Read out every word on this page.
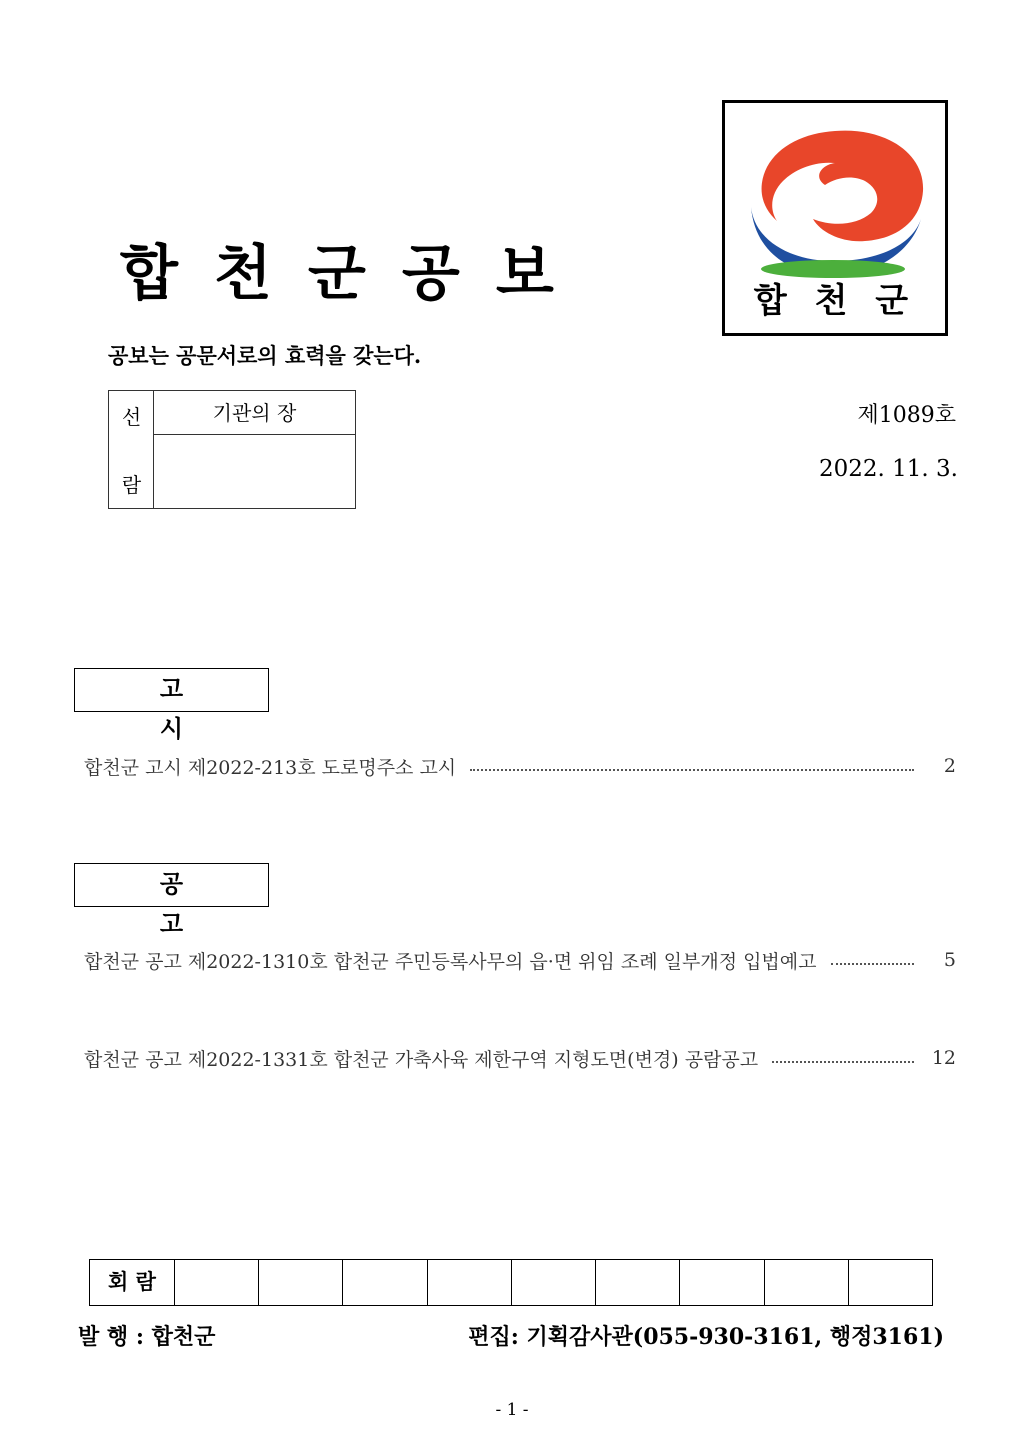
합천군공보
공보는 공문서로의 효력을 갖는다.
합 천 군
선
람
기관의 장	제1089호
2022. 11. 3.
고 시
합천군 고시 제2022-213호 도로명주소 고시	2
공 고
합천군 공고 제2022-1310호 합천군 주민등록사무의 읍·면 위임 조례 일부개정 입법예고	5
합천군 공고 제2022-1331호 합천군 가축사육 제한구역 지형도면(변경) 공람공고	12
회 람
발 행 : 합천군	편집: 기획감사관(055-930-3161, 행정3161)
- 1 -
